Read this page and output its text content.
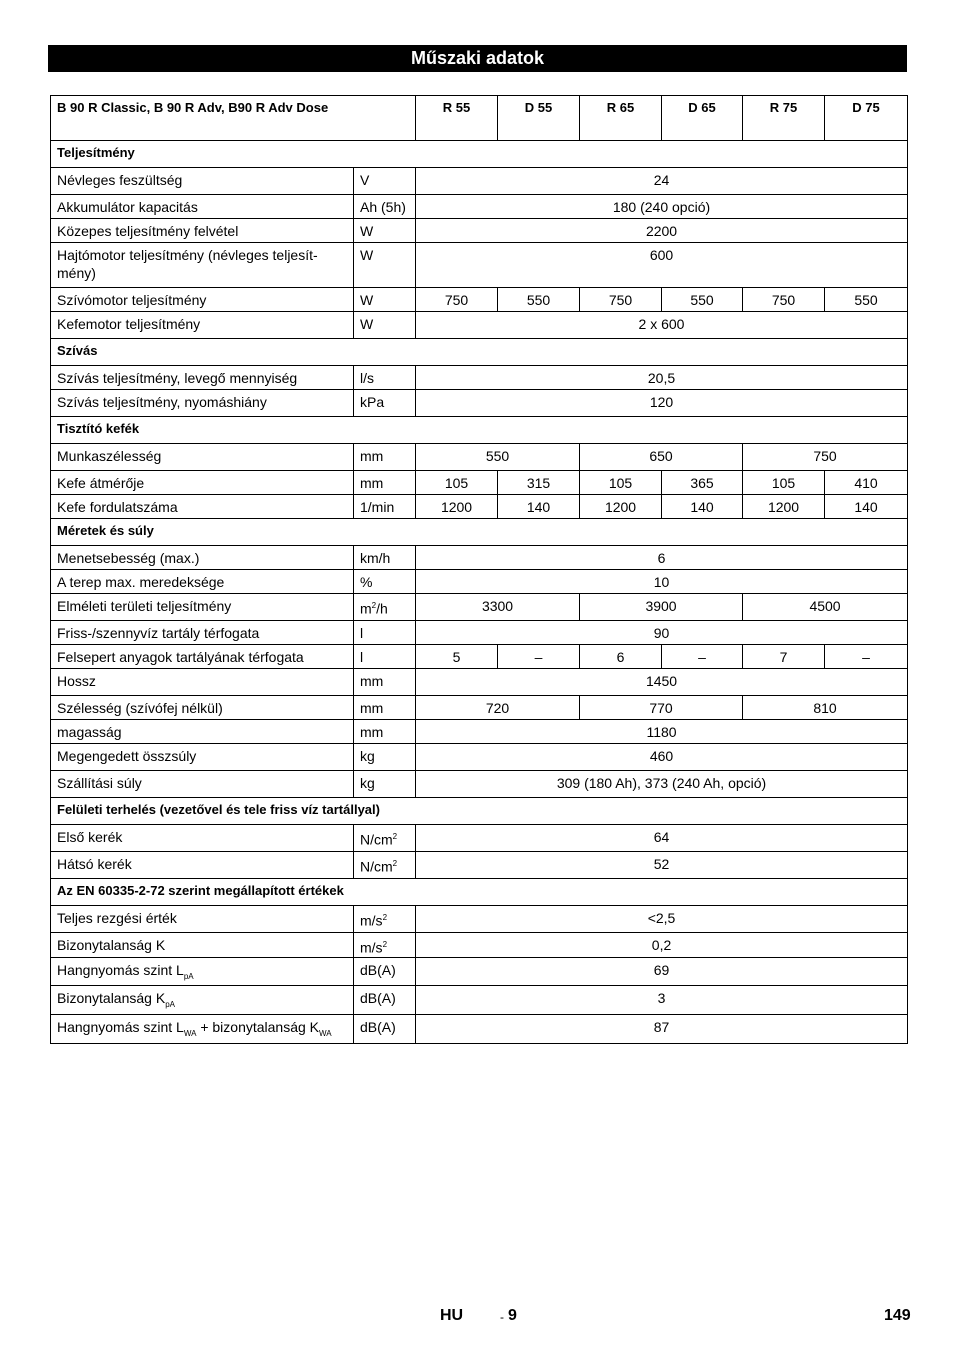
Műszaki adatok
B 90 R Classic, B 90 R Adv, B90 R Adv Dose		R 55	D 55	R 65	D 65	R 75	D 75
Teljesítmény							
Névleges feszültség	V	24					
Akkumulátor kapacitás	Ah (5h)	180 (240 opció)					
Közepes teljesítmény felvétel	W	2200					
Hajtómotor teljesítmény (névleges teljesít-mény)	W	600					
Szívómotor teljesítmény	W	750	550	750	550	750	550
Kefemotor teljesítmény	W	2 x 600					
Szívás							
Szívás teljesítmény, levegő mennyiség	l/s	20,5					
Szívás teljesítmény, nyomáshiány	kPa	120					
Tisztító kefék							
Munkaszélesség	mm	550		650		750	
Kefe átmérője	mm	105	315	105	365	105	410
Kefe fordulatszáma	1/min	1200	140	1200	140	1200	140
Méretek és súly							
Menetsebesség (max.)	km/h	6					
A terep max. meredeksége	%	10					
Elméleti területi teljesítmény	$m^2/h$	3300		3900		4500	
Friss-/szennyvíz tartály térfogata	l	90					
Felsepert anyagok tartályának térfogata	l	5	–	6	–	7	–
Hossz	mm	1450					
Szélesség (szívófej nélkül)	mm	720		770		810	
magasság	mm	1180					
Megengedett összsúly	kg	460					
Szállítási súly	kg	309 (180 Ah), 373 (240 Ah, opció)					
Felületi terhelés (vezetővel és tele friss víz tartállyal)							
Első kerék	$N/cm^2$	64					
Hátsó kerék	$N/cm^2$	52					
Az EN 60335-2-72 szerint megállapított értékek							
Teljes rezgési érték	$m/s^2$	<2,5					
Bizonytalanság K	$m/s^2$	0,2					
Hangnyomás szint $L_{pA}$	dB(A)	69					
Bizonytalanság $K_{pA}$	dB(A)	3					
Hangnyomás szint $L_{WA}$ + bizonytalanság $K_{WA}$	dB(A)	87					
HU	- 9	149
